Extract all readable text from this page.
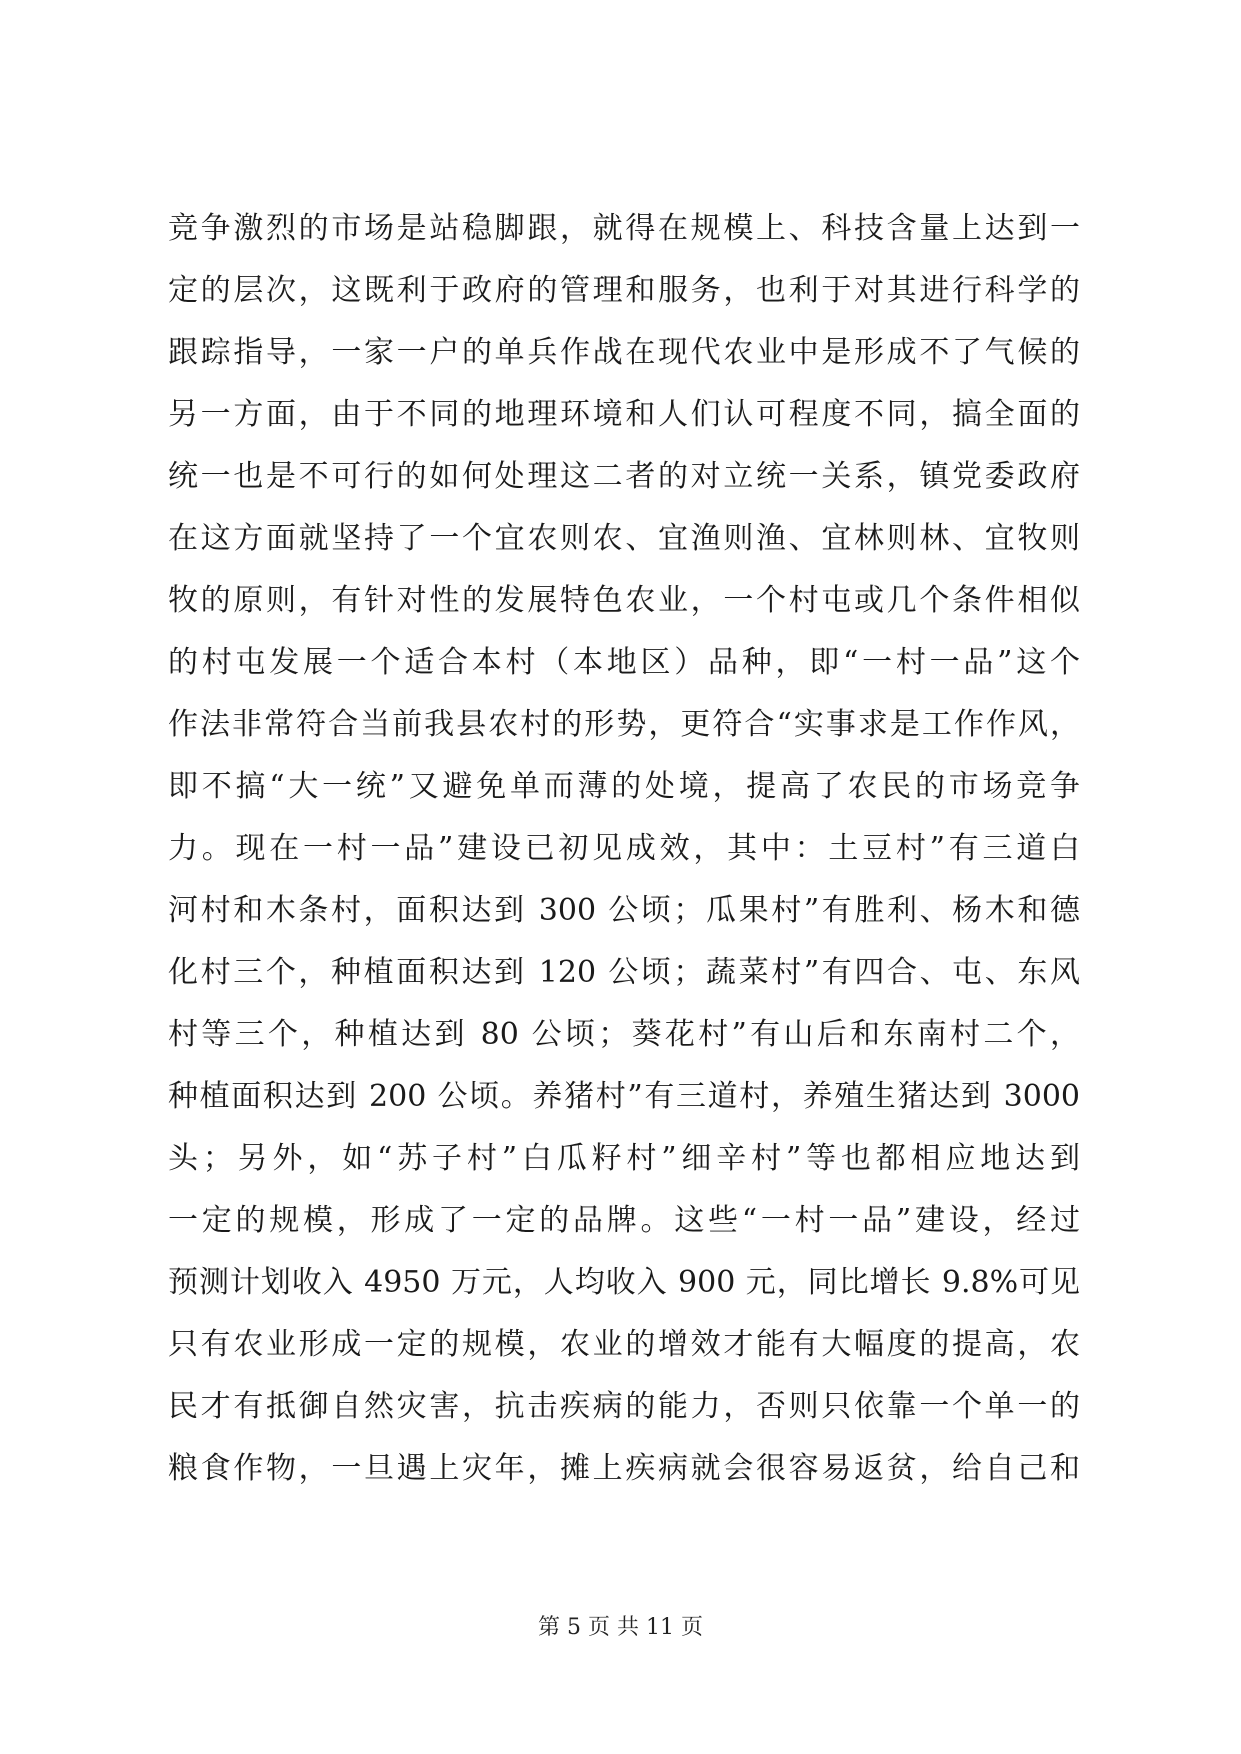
竞争激烈的市场是站稳脚跟，就得在规模上、科技含量上达到一
定的层次，这既利于政府的管理和服务，也利于对其进行科学的
跟踪指导，一家一户的单兵作战在现代农业中是形成不了气候的
另一方面，由于不同的地理环境和人们认可程度不同，搞全面的
统一也是不可行的如何处理这二者的对立统一关系，镇党委政府
在这方面就坚持了一个宜农则农、宜渔则渔、宜林则林、宜牧则
牧的原则，有针对性的发展特色农业，一个村屯或几个条件相似
的村屯发展一个适合本村（本地区）品种，即“一村一品”这个
作法非常符合当前我县农村的形势，更符合“实事求是工作作风，
即不搞“大一统”又避免单而薄的处境，提高了农民的市场竞争
力。现在一村一品”建设已初见成效，其中：土豆村”有三道白
河村和木条村，面积达到 300 公顷；瓜果村”有胜利、杨木和德
化村三个，种植面积达到 120 公顷；蔬菜村”有四合、屯、东风
村等三个，种植达到 80 公顷；葵花村”有山后和东南村二个，
种植面积达到 200 公顷。养猪村”有三道村，养殖生猪达到 3000
头；另外，如“苏子村”白瓜籽村”细辛村”等也都相应地达到
一定的规模，形成了一定的品牌。这些“一村一品”建设，经过
预测计划收入 4950 万元，人均收入 900 元，同比增长 9.8%可见
只有农业形成一定的规模，农业的增效才能有大幅度的提高，农
民才有抵御自然灾害，抗击疾病的能力，否则只依靠一个单一的
粮食作物，一旦遇上灾年，摊上疾病就会很容易返贫，给自己和
第 5 页 共 11 页
